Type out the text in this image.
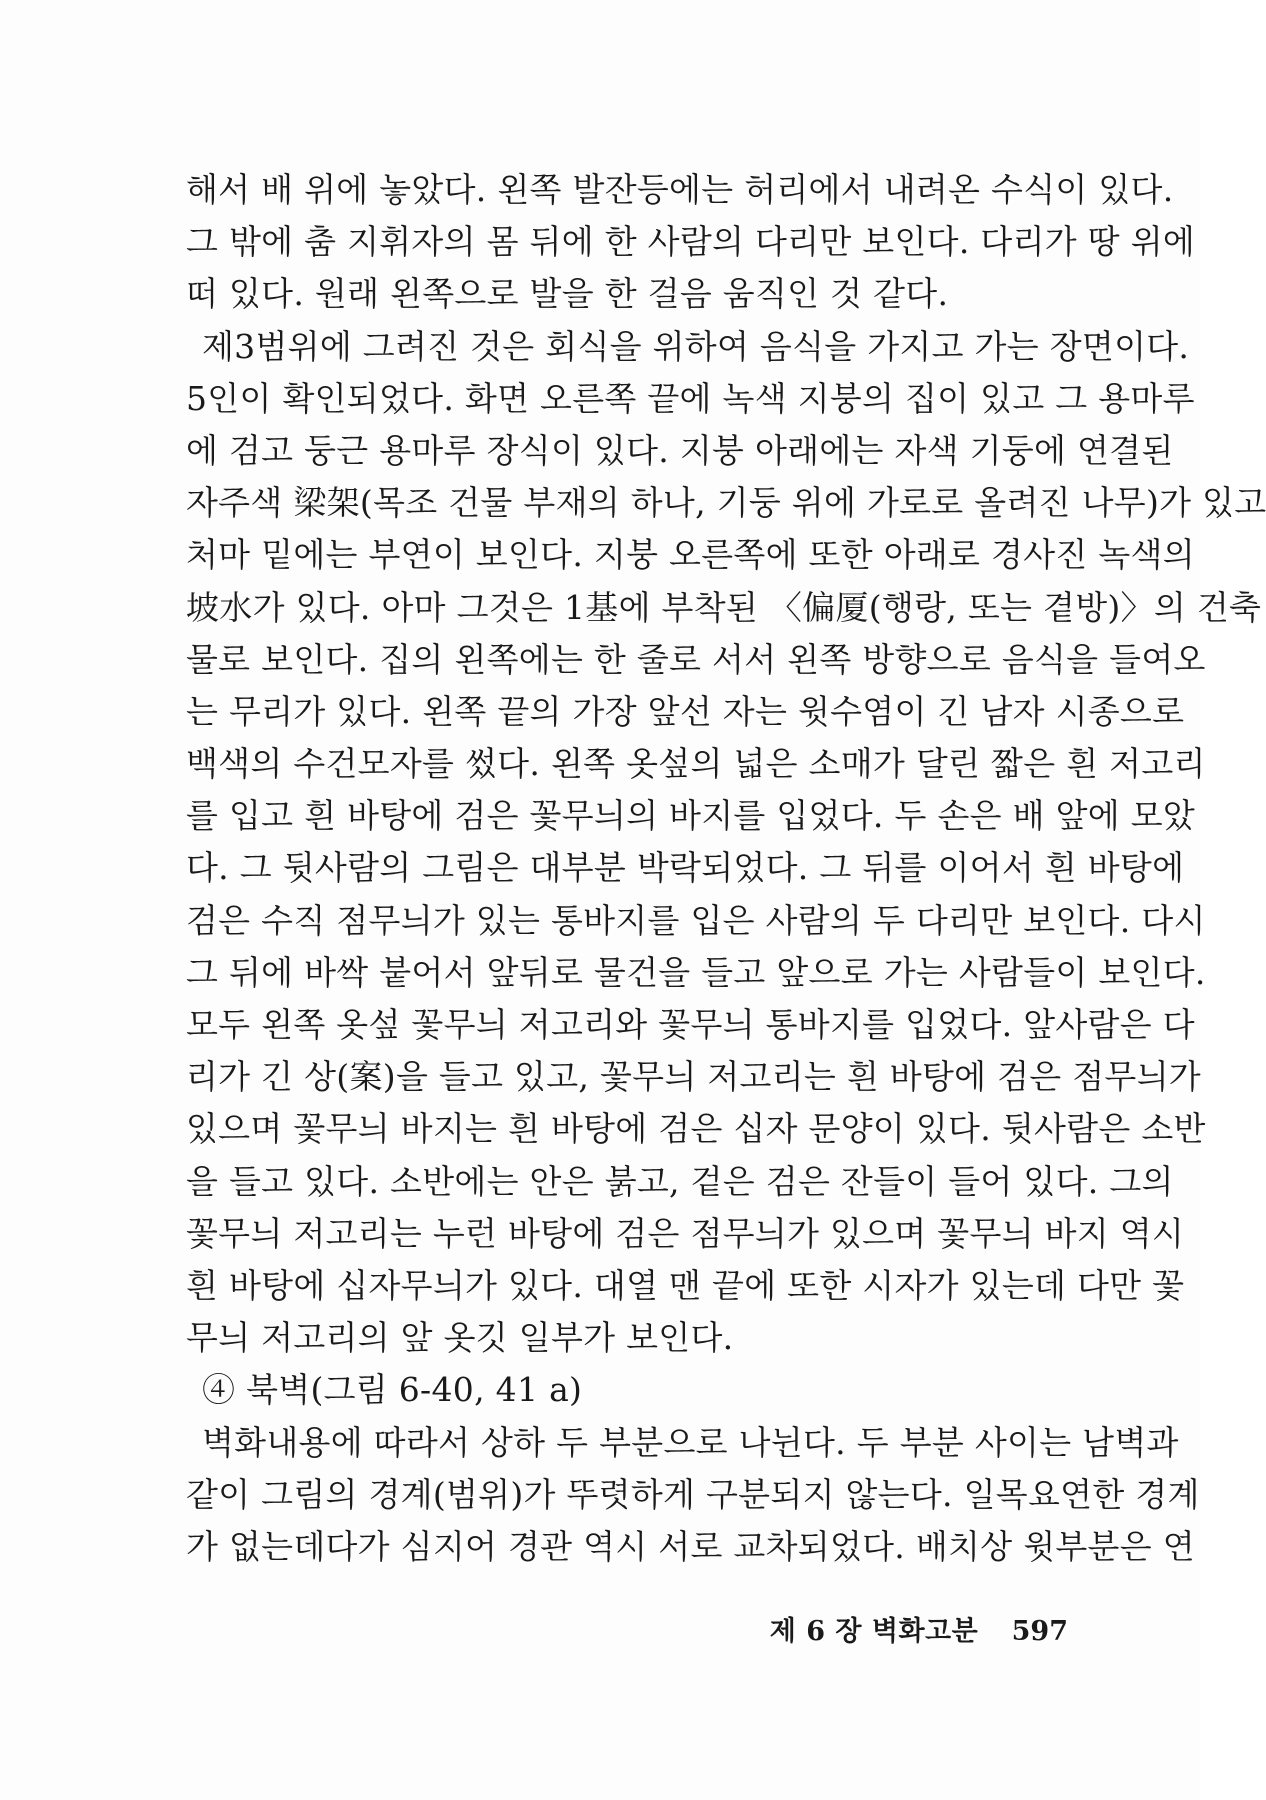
해서 배 위에 놓았다. 왼쪽 발잔등에는 허리에서 내려온 수식이 있다.
그 밖에 춤 지휘자의 몸 뒤에 한 사람의 다리만 보인다. 다리가 땅 위에
떠 있다. 원래 왼쪽으로 발을 한 걸음 움직인 것 같다.
제3범위에 그려진 것은 회식을 위하여 음식을 가지고 가는 장면이다.
5인이 확인되었다. 화면 오른쪽 끝에 녹색 지붕의 집이 있고 그 용마루
에 검고 둥근 용마루 장식이 있다. 지붕 아래에는 자색 기둥에 연결된
자주색 梁架(목조 건물 부재의 하나, 기둥 위에 가로로 올려진 나무)가 있고
처마 밑에는 부연이 보인다. 지붕 오른쪽에 또한 아래로 경사진 녹색의
坡水가 있다. 아마 그것은 1基에 부착된 〈偏厦(행랑, 또는 곁방)〉의 건축
물로 보인다. 집의 왼쪽에는 한 줄로 서서 왼쪽 방향으로 음식을 들여오
는 무리가 있다. 왼쪽 끝의 가장 앞선 자는 윗수염이 긴 남자 시종으로
백색의 수건모자를 썼다. 왼쪽 옷섶의 넓은 소매가 달린 짧은 흰 저고리
를 입고 흰 바탕에 검은 꽃무늬의 바지를 입었다. 두 손은 배 앞에 모았
다. 그 뒷사람의 그림은 대부분 박락되었다. 그 뒤를 이어서 흰 바탕에
검은 수직 점무늬가 있는 통바지를 입은 사람의 두 다리만 보인다. 다시
그 뒤에 바싹 붙어서 앞뒤로 물건을 들고 앞으로 가는 사람들이 보인다.
모두 왼쪽 옷섶 꽃무늬 저고리와 꽃무늬 통바지를 입었다. 앞사람은 다
리가 긴 상(案)을 들고 있고, 꽃무늬 저고리는 흰 바탕에 검은 점무늬가
있으며 꽃무늬 바지는 흰 바탕에 검은 십자 문양이 있다. 뒷사람은 소반
을 들고 있다. 소반에는 안은 붉고, 겉은 검은 잔들이 들어 있다. 그의
꽃무늬 저고리는 누런 바탕에 검은 점무늬가 있으며 꽃무늬 바지 역시
흰 바탕에 십자무늬가 있다. 대열 맨 끝에 또한 시자가 있는데 다만 꽃
무늬 저고리의 앞 옷깃 일부가 보인다.
④ 북벽(그림 6-40, 41 a)
벽화내용에 따라서 상하 두 부분으로 나뉜다. 두 부분 사이는 남벽과
같이 그림의 경계(범위)가 뚜렷하게 구분되지 않는다. 일목요연한 경계
가 없는데다가 심지어 경관 역시 서로 교차되었다. 배치상 윗부분은 연
제 6 장 벽화고분 597
